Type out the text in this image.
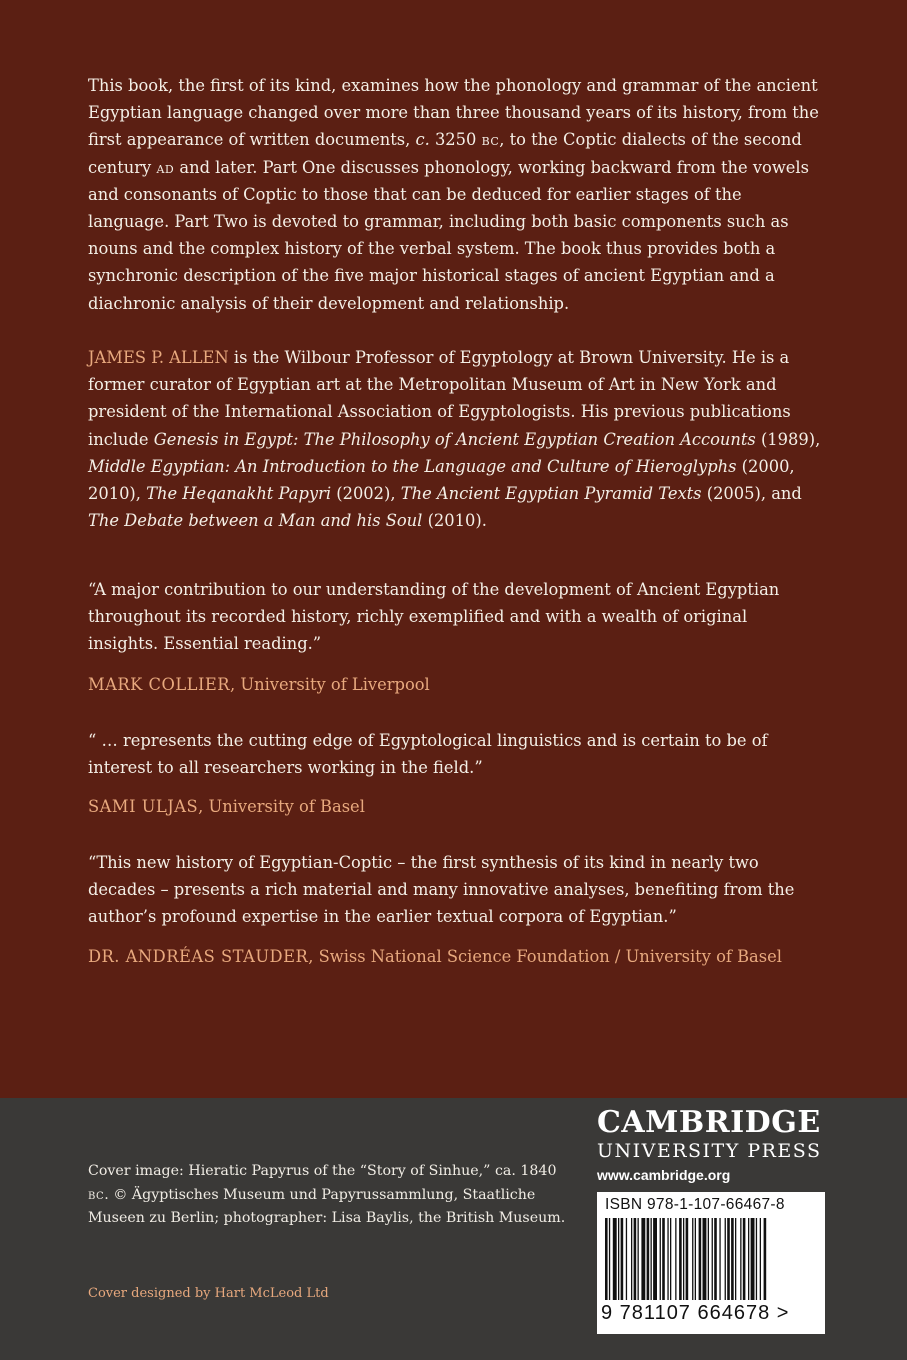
This book, the first of its kind, examines how the phonology and grammar of the ancient Egyptian language changed over more than three thousand years of its history, from the first appearance of written documents, c. 3250 bc, to the Coptic dialects of the second century ad and later. Part One discusses phonology, working backward from the vowels and consonants of Coptic to those that can be deduced for earlier stages of the language. Part Two is devoted to grammar, including both basic components such as nouns and the complex history of the verbal system. The book thus provides both a synchronic description of the five major historical stages of ancient Egyptian and a diachronic analysis of their development and relationship.

JAMES P. ALLEN is the Wilbour Professor of Egyptology at Brown University. He is a former curator of Egyptian art at the Metropolitan Museum of Art in New York and president of the International Association of Egyptologists. His previous publications include Genesis in Egypt: The Philosophy of Ancient Egyptian Creation Accounts (1989), Middle Egyptian: An Introduction to the Language and Culture of Hieroglyphs (2000, 2010), The Heqanakht Papyri (2002), The Ancient Egyptian Pyramid Texts (2005), and The Debate between a Man and his Soul (2010).

“A major contribution to our understanding of the development of Ancient Egyptian throughout its recorded history, richly exemplified and with a wealth of original insights. Essential reading.”

MARK COLLIER, University of Liverpool

“ … represents the cutting edge of Egyptological linguistics and is certain to be of interest to all researchers working in the field.”

SAMI ULJAS, University of Basel

“This new history of Egyptian-Coptic – the first synthesis of its kind in nearly two decades – presents a rich material and many innovative analyses, benefiting from the author’s profound expertise in the earlier textual corpora of Egyptian.”

DR. ANDRÉAS STAUDER, Swiss National Science Foundation / University of Basel

Cover image: Hieratic Papyrus of the “Story of Sinhue,” ca. 1840 bc. © Ägyptisches Museum und Papyrussammlung, Staatliche Museen zu Berlin; photographer: Lisa Baylis, the British Museum.

Cover designed by Hart McLeod Ltd
CAMBRIDGE
UNIVERSITY PRESS
www.cambridge.org
ISBN 978-1-107-66467-8
9 781107 664678 >
